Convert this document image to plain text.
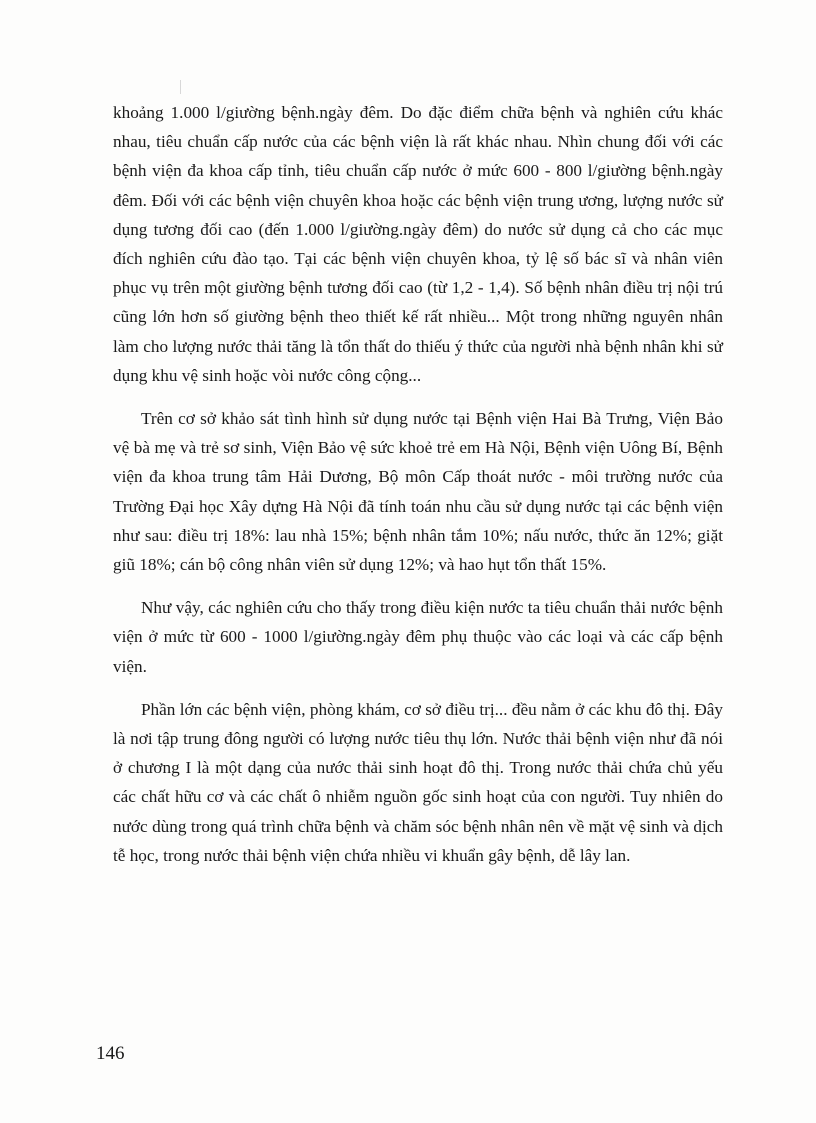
khoảng 1.000 l/giường bệnh.ngày đêm. Do đặc điểm chữa bệnh và nghiên cứu khác nhau, tiêu chuẩn cấp nước của các bệnh viện là rất khác nhau. Nhìn chung đối với các bệnh viện đa khoa cấp tỉnh, tiêu chuẩn cấp nước ở mức 600 - 800 l/giường bệnh.ngày đêm. Đối với các bệnh viện chuyên khoa hoặc các bệnh viện trung ương, lượng nước sử dụng tương đối cao (đến 1.000 l/giường.ngày đêm) do nước sử dụng cả cho các mục đích nghiên cứu đào tạo. Tại các bệnh viện chuyên khoa, tỷ lệ số bác sĩ và nhân viên phục vụ trên một giường bệnh tương đối cao (từ 1,2 - 1,4). Số bệnh nhân điều trị nội trú cũng lớn hơn số giường bệnh theo thiết kế rất nhiều... Một trong những nguyên nhân làm cho lượng nước thải tăng là tổn thất do thiếu ý thức của người nhà bệnh nhân khi sử dụng khu vệ sinh hoặc vòi nước công cộng...

Trên cơ sở khảo sát tình hình sử dụng nước tại Bệnh viện Hai Bà Trưng, Viện Bảo vệ bà mẹ và trẻ sơ sinh, Viện Bảo vệ sức khoẻ trẻ em Hà Nội, Bệnh viện Uông Bí, Bệnh viện đa khoa trung tâm Hải Dương, Bộ môn Cấp thoát nước - môi trường nước của Trường Đại học Xây dựng Hà Nội đã tính toán nhu cầu sử dụng nước tại các bệnh viện như sau: điều trị 18%: lau nhà 15%; bệnh nhân tắm 10%; nấu nước, thức ăn 12%; giặt giũ 18%; cán bộ công nhân viên sử dụng 12%; và hao hụt tổn thất 15%.

Như vậy, các nghiên cứu cho thấy trong điều kiện nước ta tiêu chuẩn thải nước bệnh viện ở mức từ 600 - 1000 l/giường.ngày đêm phụ thuộc vào các loại và các cấp bệnh viện.

Phần lớn các bệnh viện, phòng khám, cơ sở điều trị... đều nằm ở các khu đô thị. Đây là nơi tập trung đông người có lượng nước tiêu thụ lớn. Nước thải bệnh viện như đã nói ở chương I là một dạng của nước thải sinh hoạt đô thị. Trong nước thải chứa chủ yếu các chất hữu cơ và các chất ô nhiễm nguồn gốc sinh hoạt của con người. Tuy nhiên do nước dùng trong quá trình chữa bệnh và chăm sóc bệnh nhân nên về mặt vệ sinh và dịch tễ học, trong nước thải bệnh viện chứa nhiều vi khuẩn gây bệnh, dễ lây lan.

146
